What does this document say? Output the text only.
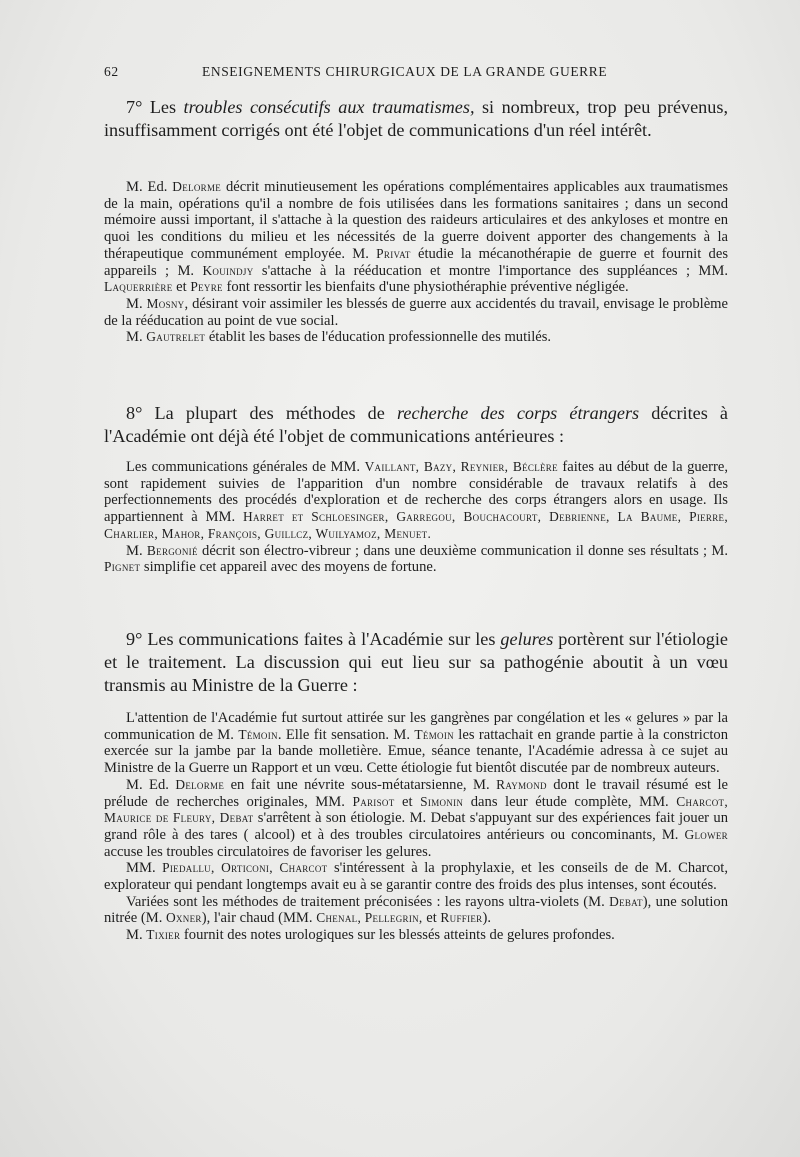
62	ENSEIGNEMENTS CHIRURGICAUX DE LA GRANDE GUERRE

7° Les troubles consécutifs aux traumatismes, si nombreux, trop peu prévenus, insuffisamment corrigés ont été l'objet de communications d'un réel intérêt.

M. Ed. Delorme décrit minutieusement les opérations complémentaires applicables aux traumatismes de la main, opérations qu'il a nombre de fois utilisées dans les formations sanitaires ; dans un second mémoire aussi important, il s'attache à la question des raideurs articulaires et des ankyloses et montre en quoi les conditions du milieu et les nécessités de la guerre doivent apporter des changements à la thérapeutique communément employée. M. Privat étudie la mécanothérapie de guerre et fournit des appareils ; M. Kouindjy s'attache à la rééducation et montre l'importance des suppléances ; MM. Laquerrière et Peyre font ressortir les bienfaits d'une physiothéraphie préventive négligée.

M. Mosny, désirant voir assimiler les blessés de guerre aux accidentés du travail, envisage le problème de la rééducation au point de vue social.

M. Gautrelet établit les bases de l'éducation professionnelle des mutilés.

8° La plupart des méthodes de recherche des corps étrangers décrites à l'Académie ont déjà été l'objet de communications antérieures :

Les communications générales de MM. Vaillant, Bazy, Reynier, Béclère faites au début de la guerre, sont rapidement suivies de l'apparition d'un nombre considérable de travaux relatifs à des perfectionnements des procédés d'exploration et de recherche des corps étrangers alors en usage. Ils appartiennent à MM. Harret et Schloesinger, Garregou, Bouchacourt, Debrienne, La Baume, Pierre, Charlier, Mahor, François, Guillcz, Wuilyamoz, Menuet.

M. Bergonié décrit son électro-vibreur ; dans une deuxième communication il donne ses résultats ; M. Pignet simplifie cet appareil avec des moyens de fortune.

9° Les communications faites à l'Académie sur les gelures portèrent sur l'étiologie et le traitement. La discussion qui eut lieu sur sa pathogénie aboutit à un vœu transmis au Ministre de la Guerre :

L'attention de l'Académie fut surtout attirée sur les gangrènes par congélation et les « gelures » par la communication de M. Témoin. Elle fit sensation. M. Témoin les rattachait en grande partie à la constricton exercée sur la jambe par la bande molletière. Emue, séance tenante, l'Académie adressa à ce sujet au Ministre de la Guerre un Rapport et un vœu. Cette étiologie fut bientôt discutée par de nombreux auteurs.

M. Ed. Delorme en fait une névrite sous-métatarsienne, M. Raymond dont le travail résumé est le prélude de recherches originales, MM. Parisot et Simonin dans leur étude complète, MM. Charcot, Maurice de Fleury, Debat s'arrêtent à son étiologie. M. Debat s'appuyant sur des expériences fait jouer un grand rôle à des tares ( alcool) et à des troubles circulatoires antérieurs ou concominants, M. Glower accuse les troubles circulatoires de favoriser les gelures.

MM. Piedallu, Orticoni, Charcot s'intéressent à la prophylaxie, et les conseils de de M. Charcot, explorateur qui pendant longtemps avait eu à se garantir contre des froids des plus intenses, sont écoutés.

Variées sont les méthodes de traitement préconisées : les rayons ultra-violets (M. Debat), une solution nitrée (M. Oxner), l'air chaud (MM. Chenal, Pellegrin, et Ruffier).

M. Tixier fournit des notes urologiques sur les blessés atteints de gelures profondes.
